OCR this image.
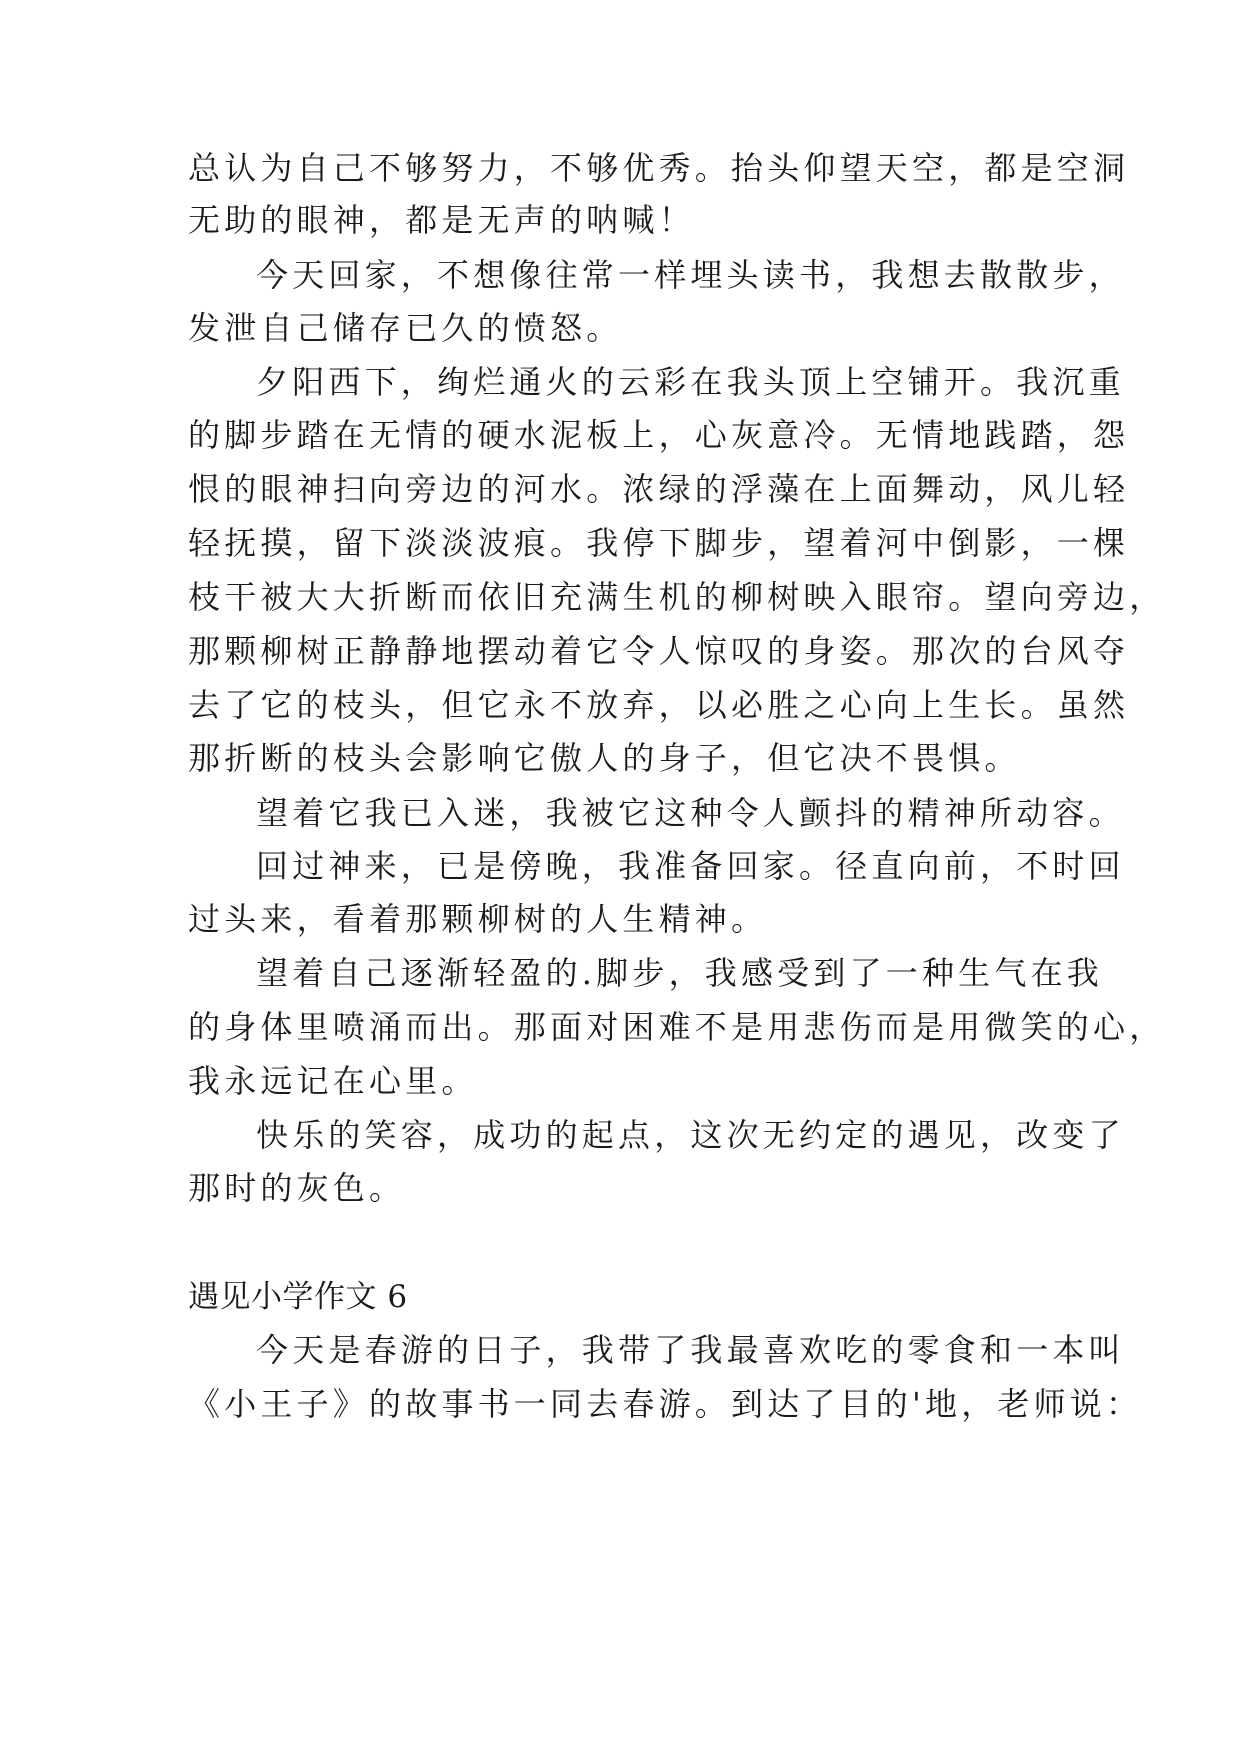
总认为自己不够努力，不够优秀。抬头仰望天空，都是空洞
无助的眼神，都是无声的呐喊！
今天回家，不想像往常一样埋头读书，我想去散散步，
发泄自己储存已久的愤怒。
夕阳西下，绚烂通火的云彩在我头顶上空铺开。我沉重
的脚步踏在无情的硬水泥板上，心灰意冷。无情地践踏，怨
恨的眼神扫向旁边的河水。浓绿的浮藻在上面舞动，风儿轻
轻抚摸，留下淡淡波痕。我停下脚步，望着河中倒影，一棵
枝干被大大折断而依旧充满生机的柳树映入眼帘。望向旁边，
那颗柳树正静静地摆动着它令人惊叹的身姿。那次的台风夺
去了它的枝头，但它永不放弃，以必胜之心向上生长。虽然
那折断的枝头会影响它傲人的身子，但它决不畏惧。
望着它我已入迷，我被它这种令人颤抖的精神所动容。
回过神来，已是傍晚，我准备回家。径直向前，不时回
过头来，看着那颗柳树的人生精神。
望着自己逐渐轻盈的.脚步，我感受到了一种生气在我
的身体里喷涌而出。那面对困难不是用悲伤而是用微笑的心，
我永远记在心里。
快乐的笑容，成功的起点，这次无约定的遇见，改变了
那时的灰色。
遇见小学作文 6
今天是春游的日子，我带了我最喜欢吃的零食和一本叫
《小王子》的故事书一同去春游。到达了目的'地，老师说：
